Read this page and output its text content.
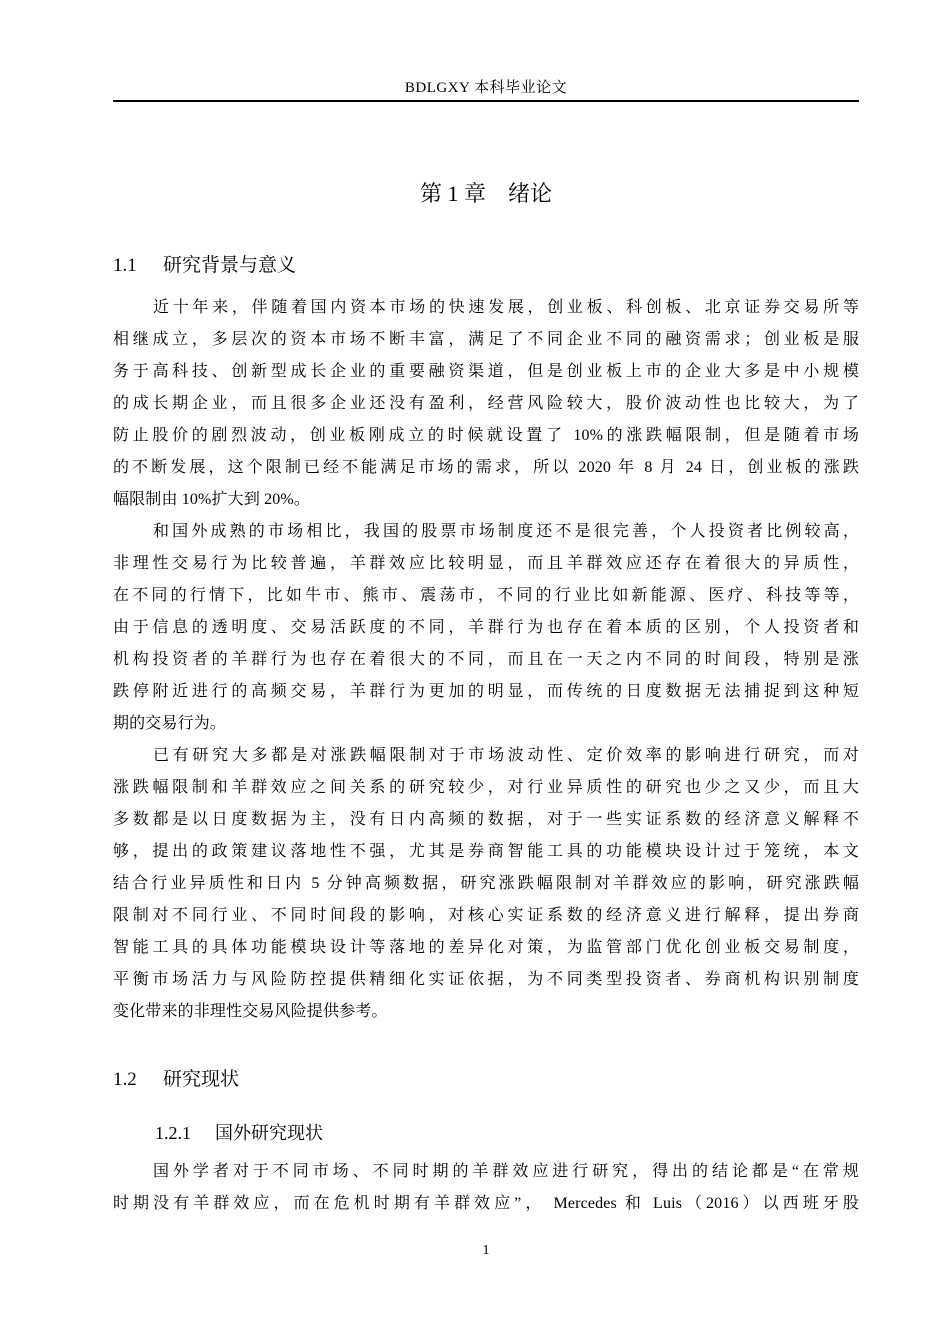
BDLGXY 本科毕业论文
第 1 章 绪论
1.1 研究背景与意义
近十年来，伴随着国内资本市场的快速发展，创业板、科创板、北京证券交易所等
相继成立，多层次的资本市场不断丰富，满足了不同企业不同的融资需求；创业板是服
务于高科技、创新型成长企业的重要融资渠道，但是创业板上市的企业大多是中小规模
的成长期企业，而且很多企业还没有盈利，经营风险较大，股价波动性也比较大，为了
防止股价的剧烈波动，创业板刚成立的时候就设置了 10%的涨跌幅限制，但是随着市场
的不断发展，这个限制已经不能满足市场的需求，所以 2020 年 8 月 24 日，创业板的涨跌
幅限制由 10%扩大到 20%。
和国外成熟的市场相比，我国的股票市场制度还不是很完善，个人投资者比例较高，
非理性交易行为比较普遍，羊群效应比较明显，而且羊群效应还存在着很大的异质性，
在不同的行情下，比如牛市、熊市、震荡市，不同的行业比如新能源、医疗、科技等等，
由于信息的透明度、交易活跃度的不同，羊群行为也存在着本质的区别，个人投资者和
机构投资者的羊群行为也存在着很大的不同，而且在一天之内不同的时间段，特别是涨
跌停附近进行的高频交易，羊群行为更加的明显，而传统的日度数据无法捕捉到这种短
期的交易行为。
已有研究大多都是对涨跌幅限制对于市场波动性、定价效率的影响进行研究，而对
涨跌幅限制和羊群效应之间关系的研究较少，对行业异质性的研究也少之又少，而且大
多数都是以日度数据为主，没有日内高频的数据，对于一些实证系数的经济意义解释不
够，提出的政策建议落地性不强，尤其是券商智能工具的功能模块设计过于笼统，本文
结合行业异质性和日内 5 分钟高频数据，研究涨跌幅限制对羊群效应的影响，研究涨跌幅
限制对不同行业、不同时间段的影响，对核心实证系数的经济意义进行解释，提出券商
智能工具的具体功能模块设计等落地的差异化对策，为监管部门优化创业板交易制度，
平衡市场活力与风险防控提供精细化实证依据，为不同类型投资者、券商机构识别制度
变化带来的非理性交易风险提供参考。
1.2 研究现状
1.2.1 国外研究现状
国外学者对于不同市场、不同时期的羊群效应进行研究，得出的结论都是“在常规
时期没有羊群效应，而在危机时期有羊群效应”， Mercedes 和 Luis（2016）以西班牙股
1
